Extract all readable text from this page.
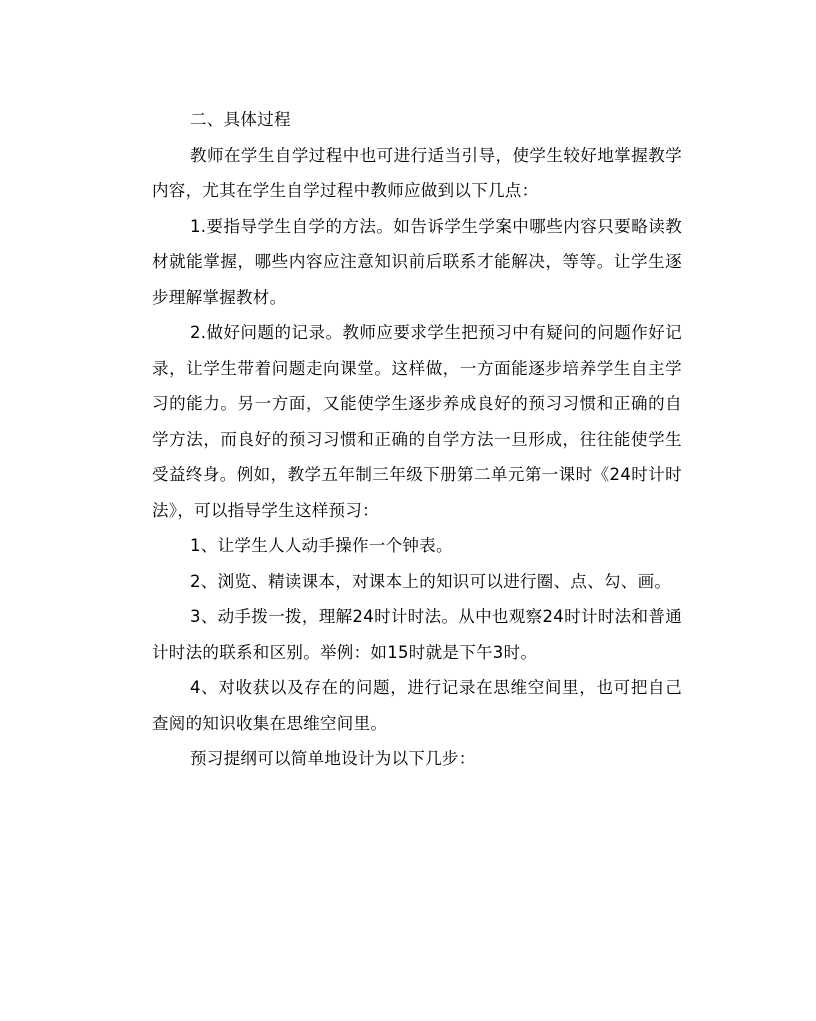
二、具体过程

教师在学生自学过程中也可进行适当引导，使学生较好地掌握教学内容，尤其在学生自学过程中教师应做到以下几点：

1.要指导学生自学的方法。如告诉学生学案中哪些内容只要略读教材就能掌握，哪些内容应注意知识前后联系才能解决，等等。让学生逐步理解掌握教材。

2.做好问题的记录。教师应要求学生把预习中有疑问的问题作好记录，让学生带着问题走向课堂。这样做，一方面能逐步培养学生自主学习的能力。另一方面，又能使学生逐步养成良好的预习习惯和正确的自学方法，而良好的预习习惯和正确的自学方法一旦形成，往往能使学生受益终身。例如，教学五年制三年级下册第二单元第一课时《24时计时法》，可以指导学生这样预习：

1、让学生人人动手操作一个钟表。

2、浏览、精读课本，对课本上的知识可以进行圈、点、勾、画。

3、动手拨一拨，理解24时计时法。从中也观察24时计时法和普通计时法的联系和区别。举例：如15时就是下午3时。

4、对收获以及存在的问题，进行记录在思维空间里，也可把自己查阅的知识收集在思维空间里。

预习提纲可以简单地设计为以下几步：
